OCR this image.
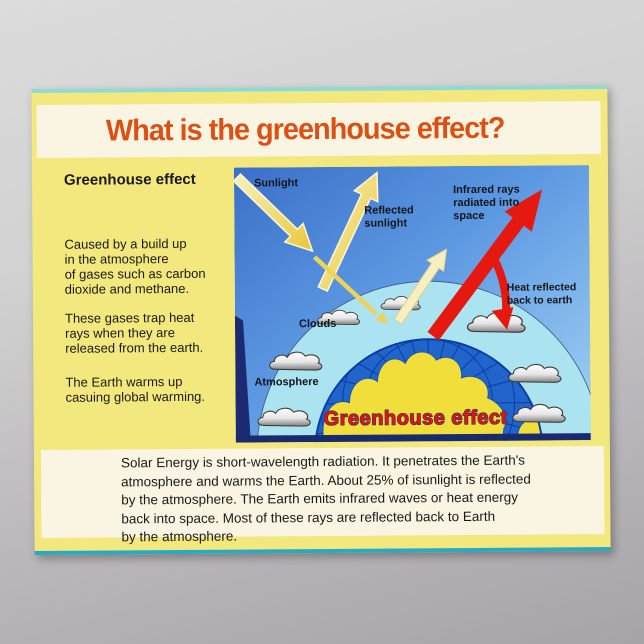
What is the greenhouse effect?
Greenhouse effect

Caused by a build up
in the atmosphere
of gases such as carbon
dioxide and methane.

These gases trap heat
rays when they are
released from the earth.

The Earth warms up
casuing global warming.

Sunlight
Reflected
sunlight
Infrared rays
radiated into
space
Heat reflected
back to earth
Clouds
Atmosphere
Greenhouse effect

Solar Energy is short-wavelength radiation. It penetrates the Earth's
atmosphere and warms the Earth. About 25% of isunlight is reflected
by the atmosphere. The Earth emits infrared waves or heat energy
back into space. Most of these rays are reflected back to Earth
by the atmosphere.
